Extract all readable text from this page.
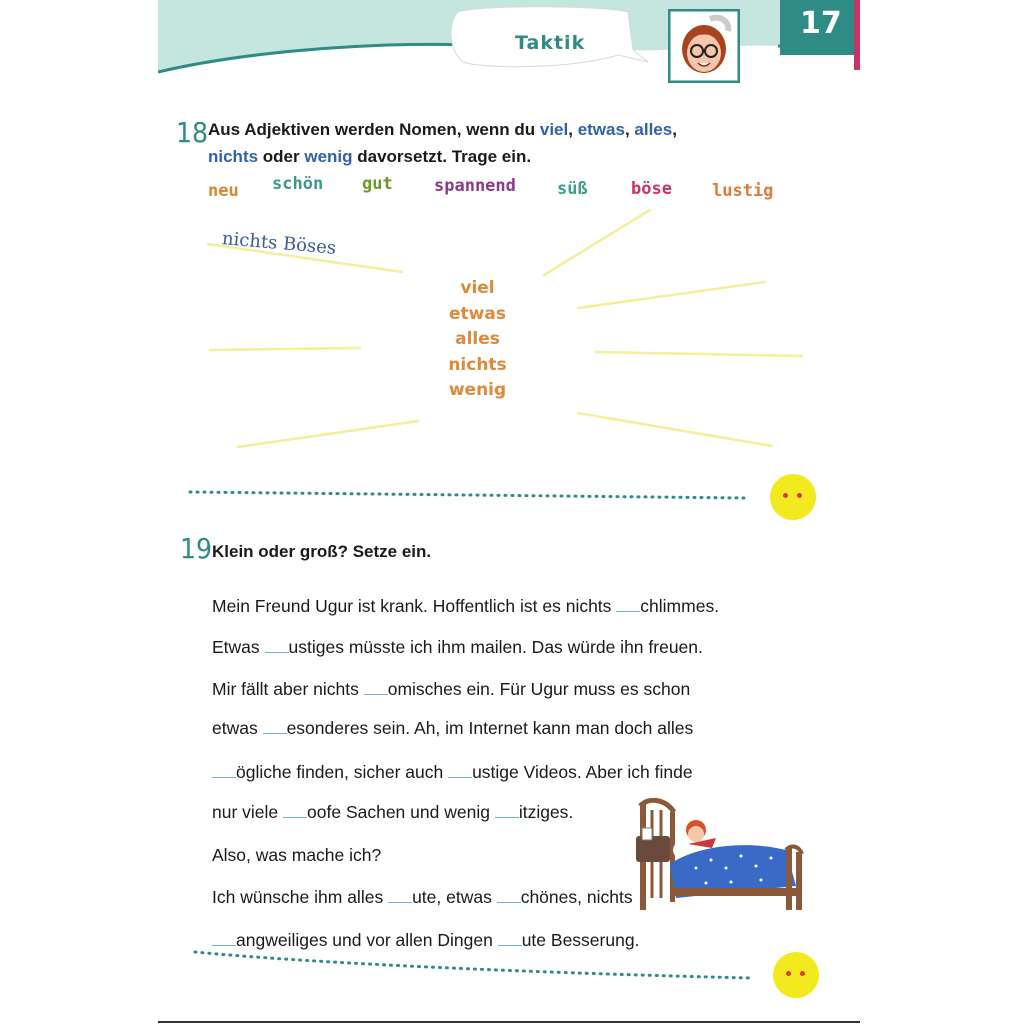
Taktik
17
18 Aus Adjektiven werden Nomen, wenn du viel, etwas, alles,
nichts oder wenig davorsetzt. Trage ein.
neu schön gut spannend süß	böse lustig
nichts Böses
viel
etwas
alles
nichts
wenig
19 Klein oder groß? Setze ein.
Mein Freund Ugur ist krank. Hoffentlich ist es nichts chlimmes.
Etwas ustiges müsste ich ihm mailen. Das würde ihn freuen.
Mir fällt aber nichts omisches ein. Für Ugur muss es schon
etwas esonderes sein. Ah, im Internet kann man doch alles
ögliche finden, sicher auch ustige Videos. Aber ich finde
nur viele oofe Sachen und wenig itziges.
Also, was mache ich?
Ich wünsche ihm alles ute, etwas chönes, nichts
angweiliges und vor allen Dingen ute Besserung.
